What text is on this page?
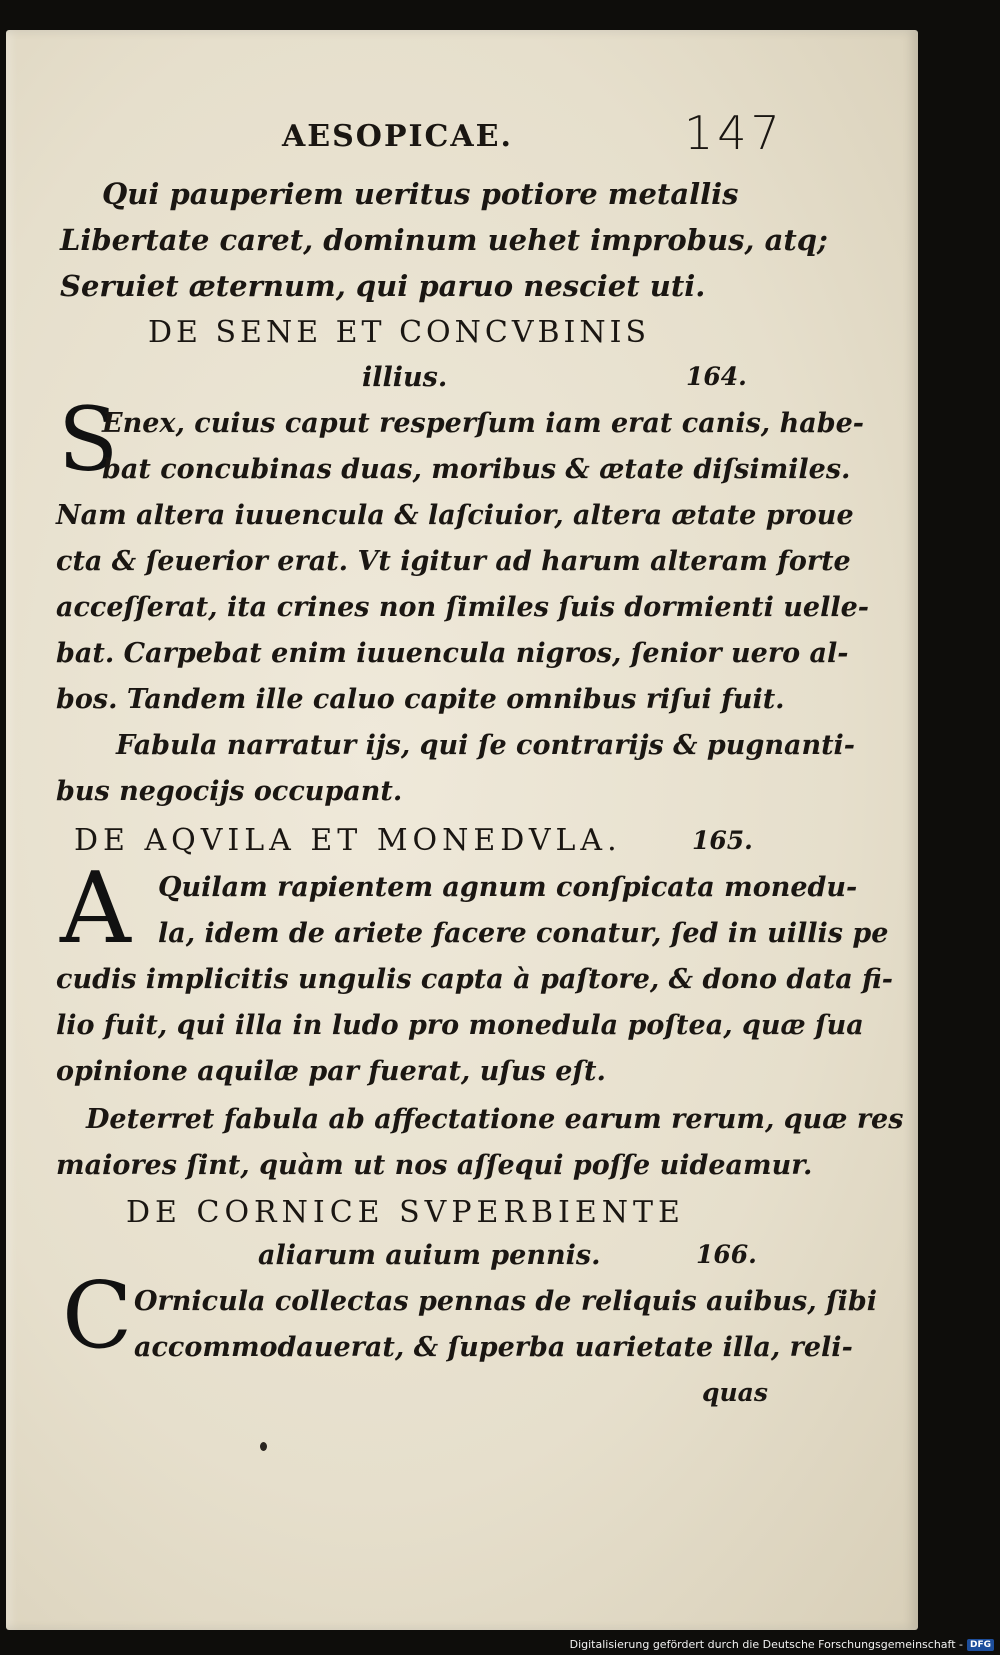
AESOPICAE.	147
Qui pauperiem ueritus potiore metallis
Libertate caret, dominum uehet improbus, atq;
Seruiet æternum, qui paruo nesciet uti.
DE SENE ET CONCVBINIS
illius.	164.
S
Enex, cuius caput resperſum iam erat canis, habe-
bat concubinas duas, moribus & ætate diſsimiles.
Nam altera iuuencula & laſciuior, altera ætate proue
cta & ſeuerior erat. Vt igitur ad harum alteram forte
acceſſerat, ita crines non ſimiles ſuis dormienti uelle-
bat. Carpebat enim iuuencula nigros, ſenior uero al-
bos. Tandem ille caluo capite omnibus riſui fuit.
Fabula narratur ijs, qui ſe contrarijs & pugnanti-
bus negocijs occupant.
DE AQVILA ET MONEDVLA.	165.
A Quilam rapientem agnum conſpicata monedu-
la, idem de ariete facere conatur, ſed in uillis pe
cudis implicitis ungulis capta à paſtore, & dono data fi-
lio fuit, qui illa in ludo pro monedula poſtea, quæ ſua
opinione aquilæ par fuerat, uſus eſt.
Deterret fabula ab affectatione earum rerum, quæ res
maiores ſint, quàm ut nos aſſequi poſſe uideamur.
DE CORNICE SVPERBIENTE
aliarum auium pennis.	166.
C Ornicula collectas pennas de reliquis auibus, ſibi
accommodauerat, & ſuperba uarietate illa, reli-
quas
Digitalisierung gefördert durch die Deutsche Forschungsgemeinschaft - DFG
